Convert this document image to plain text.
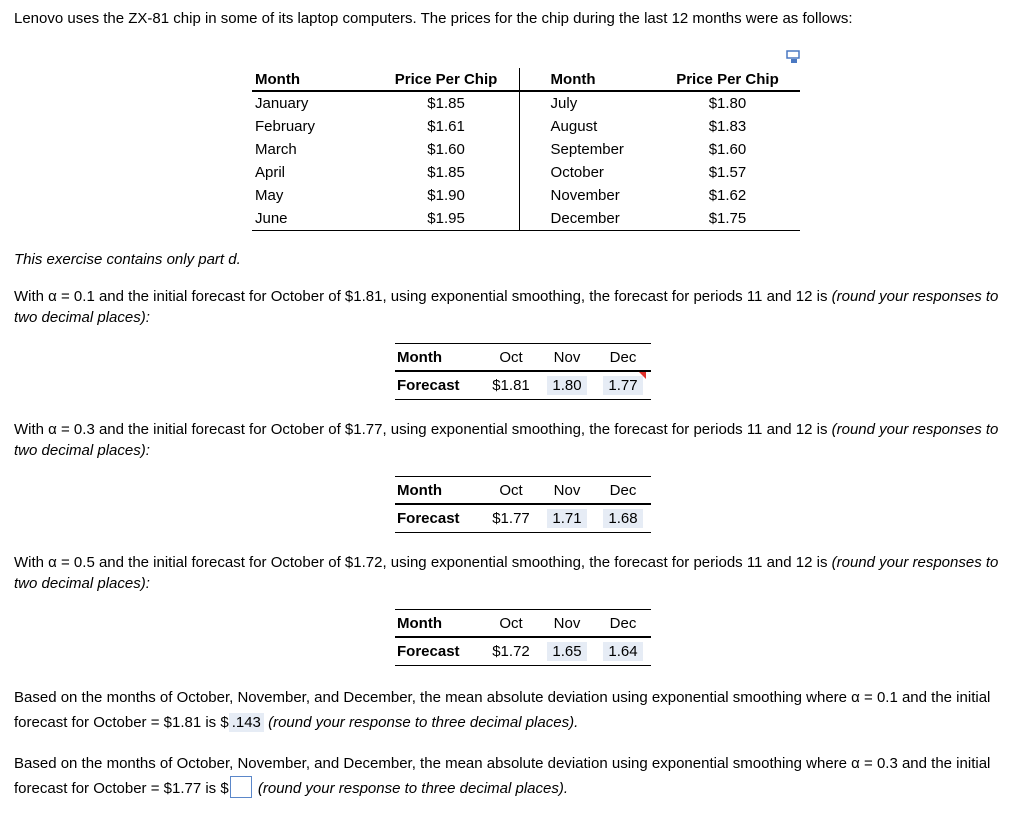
Lenovo uses the ZX-81 chip in some of its laptop computers. The prices for the chip during the last 12 months were as follows:
Month	Price Per Chip	Month	Price Per Chip
January	$1.85	July	$1.80
February	$1.61	August	$1.83
March	$1.60	September	$1.60
April	$1.85	October	$1.57
May	$1.90	November	$1.62
June	$1.95	December	$1.75
This exercise contains only part d.
With α = 0.1 and the initial forecast for October of $1.81, using exponential smoothing, the forecast for periods 11 and 12 is (round your responses to two decimal places):
Month	Oct	Nov	Dec
Forecast	$1.81	1.80	1.77
With α = 0.3 and the initial forecast for October of $1.77, using exponential smoothing, the forecast for periods 11 and 12 is (round your responses to two decimal places):
Month	Oct	Nov	Dec
Forecast	$1.77	1.71	1.68
With α = 0.5 and the initial forecast for October of $1.72, using exponential smoothing, the forecast for periods 11 and 12 is (round your responses to two decimal places):
Month	Oct	Nov	Dec
Forecast	$1.72	1.65	1.64
Based on the months of October, November, and December, the mean absolute deviation using exponential smoothing where α = 0.1 and the initial forecast for October = $1.81 is $ .143 (round your response to three decimal places).
Based on the months of October, November, and December, the mean absolute deviation using exponential smoothing where α = 0.3 and the initial forecast for October = $1.77 is $ (round your response to three decimal places).
